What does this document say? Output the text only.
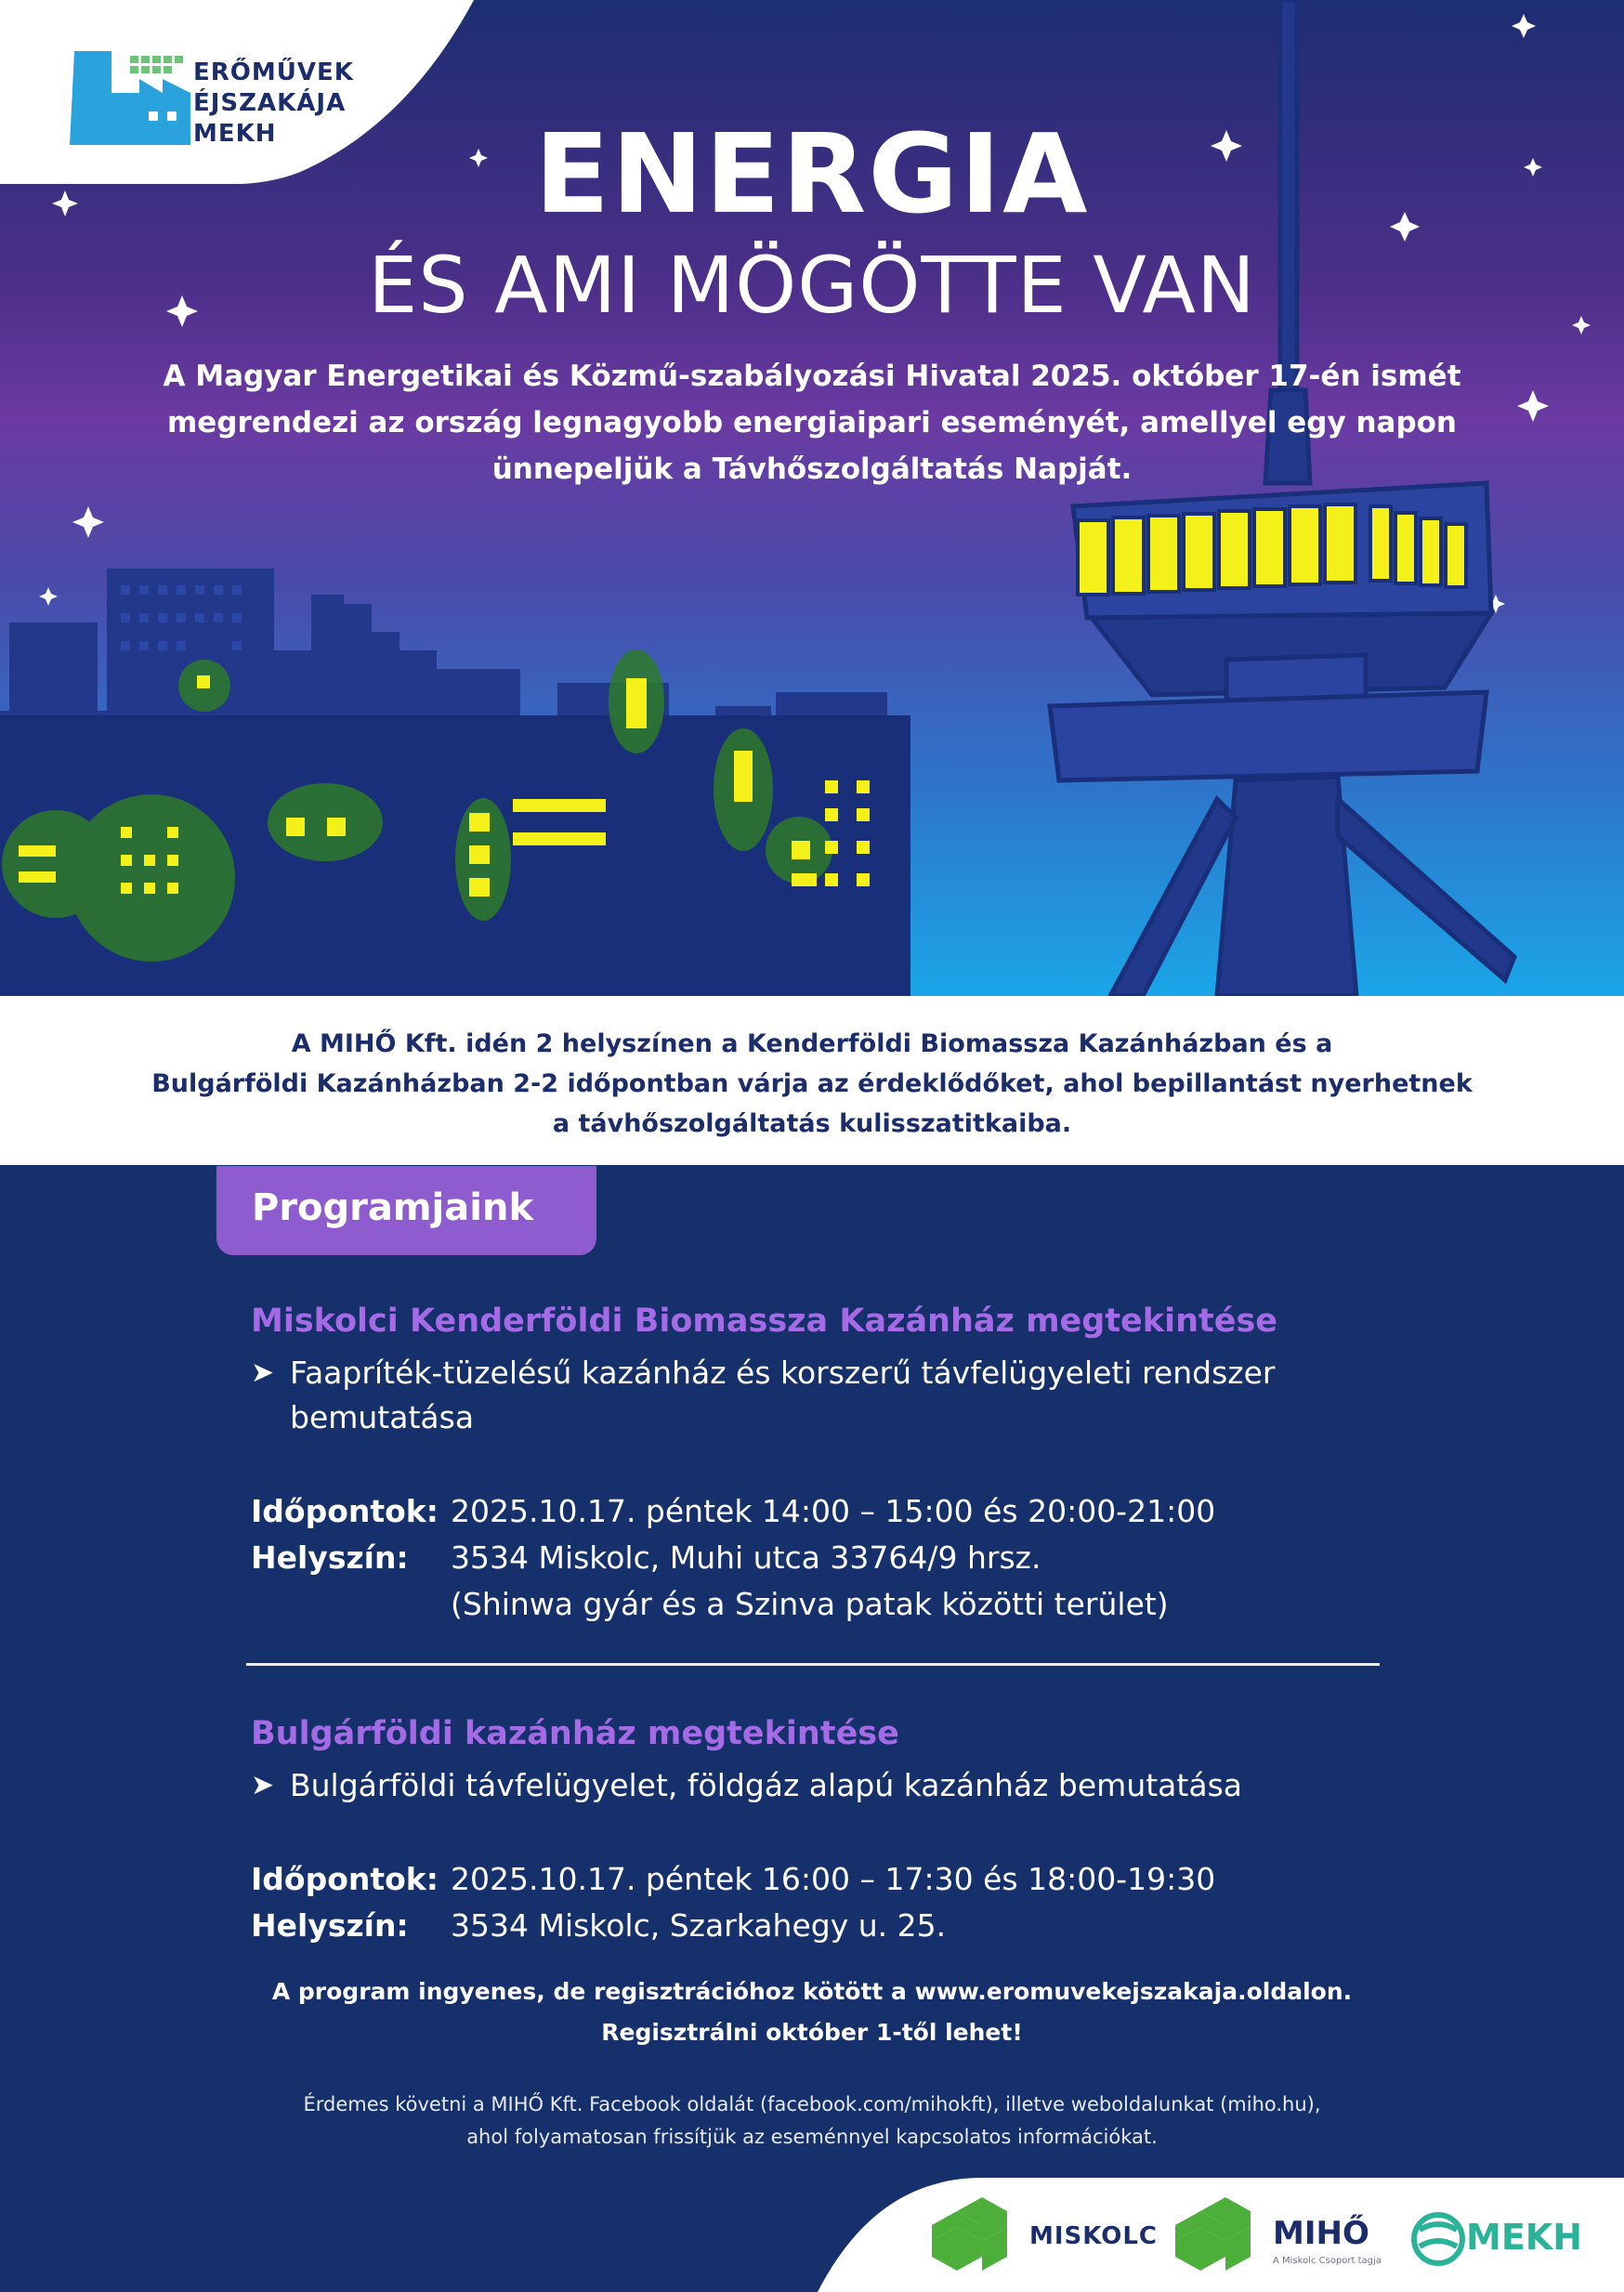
ERŐMŰVEK
ÉJSZAKÁJA
MEKH	ENERGIA
ÉS AMI MÖGÖTTE VAN
A Magyar Energetikai és Közmű-szabályozási Hivatal 2025. október 17-én ismét
megrendezi az ország legnagyobb energiaipari eseményét, amellyel egy napon
ünnepeljük a Távhőszolgáltatás Napját.
A MIHŐ Kft. idén 2 helyszínen a Kenderföldi Biomassza Kazánházban és a
Bulgárföldi Kazánházban 2-2 időpontban várja az érdeklődőket, ahol bepillantást nyerhetnek
a távhőszolgáltatás kulisszatitkaiba.
Programjaink
Miskolci Kenderföldi Biomassza Kazánház megtekintése
➤ Faapríték-tüzelésű kazánház és korszerű távfelügyeleti rendszer bemutatása
Időpontok: 2025.10.17. péntek 14:00 – 15:00 és 20:00-21:00
Helyszín:	3534 Miskolc, Muhi utca 33764/9 hrsz.
(Shinwa gyár és a Szinva patak közötti terület)
Bulgárföldi kazánház megtekintése
➤ Bulgárföldi távfelügyelet, földgáz alapú kazánház bemutatása
Időpontok: 2025.10.17. péntek 16:00 – 17:30 és 18:00-19:30
Helyszín:	3534 Miskolc, Szarkahegy u. 25.
A program ingyenes, de regisztrációhoz kötött a www.eromuvekejszakaja.oldalon.
Regisztrálni október 1-től lehet!
Érdemes követni a MIHŐ Kft. Facebook oldalát (facebook.com/mihokft), illetve weboldalunkat (miho.hu),
ahol folyamatosan frissítjük az eseménnyel kapcsolatos információkat.
MISKOLC	MIHŐ
A Miskolc Csoport tagja
MEKH
